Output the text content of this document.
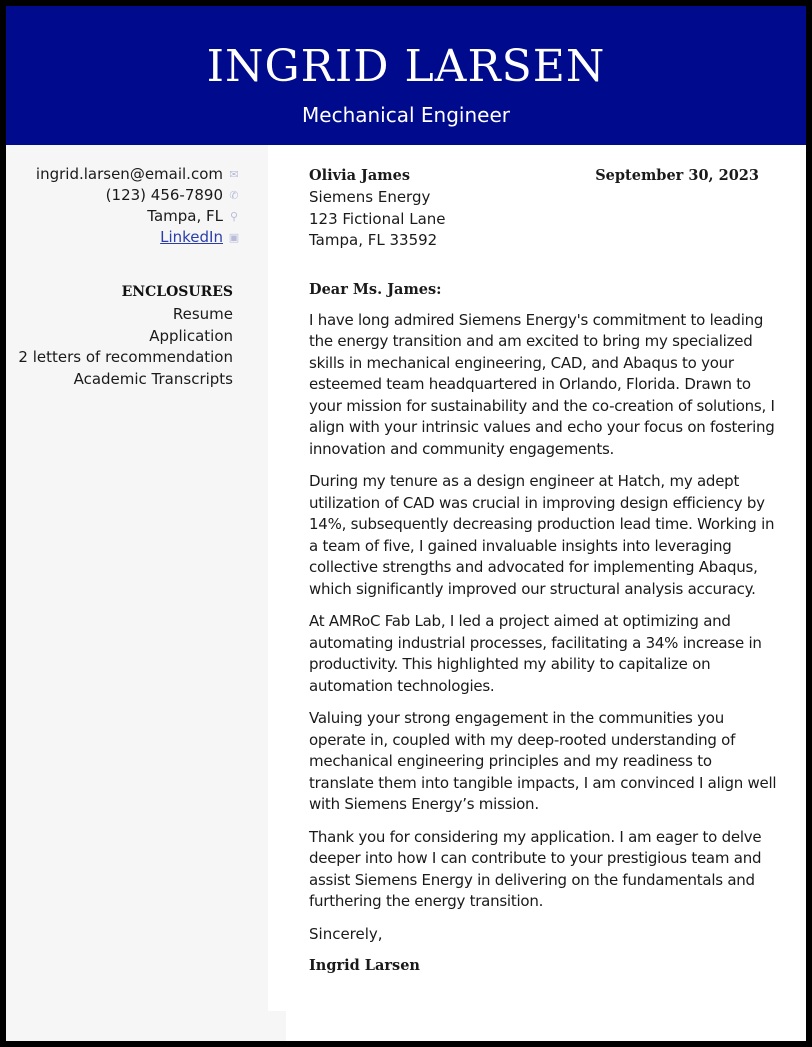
INGRID LARSEN
Mechanical Engineer
ingrid.larsen@email.com ✉
(123) 456-7890 ✆
Tampa, FL ⚲
LinkedIn ▣
ENCLOSURES
Resume
Application
2 letters of recommendation
Academic Transcripts
Olivia James	September 30, 2023
Siemens Energy
123 Fictional Lane
Tampa, FL 33592
Dear Ms. James:
I have long admired Siemens Energy's commitment to leading the energy transition and am excited to bring my specialized skills in mechanical engineering, CAD, and Abaqus to your esteemed team headquartered in Orlando, Florida. Drawn to your mission for sustainability and the co-creation of solutions, I align with your intrinsic values and echo your focus on fostering innovation and community engagements.
During my tenure as a design engineer at Hatch, my adept utilization of CAD was crucial in improving design efficiency by 14%, subsequently decreasing production lead time. Working in a team of five, I gained invaluable insights into leveraging collective strengths and advocated for implementing Abaqus, which significantly improved our structural analysis accuracy.
At AMRoC Fab Lab, I led a project aimed at optimizing and automating industrial processes, facilitating a 34% increase in productivity. This highlighted my ability to capitalize on automation technologies.
Valuing your strong engagement in the communities you operate in, coupled with my deep-rooted understanding of mechanical engineering principles and my readiness to translate them into tangible impacts, I am convinced I align well with Siemens Energy’s mission.
Thank you for considering my application. I am eager to delve deeper into how I can contribute to your prestigious team and assist Siemens Energy in delivering on the fundamentals and furthering the energy transition.
Sincerely,
Ingrid Larsen
